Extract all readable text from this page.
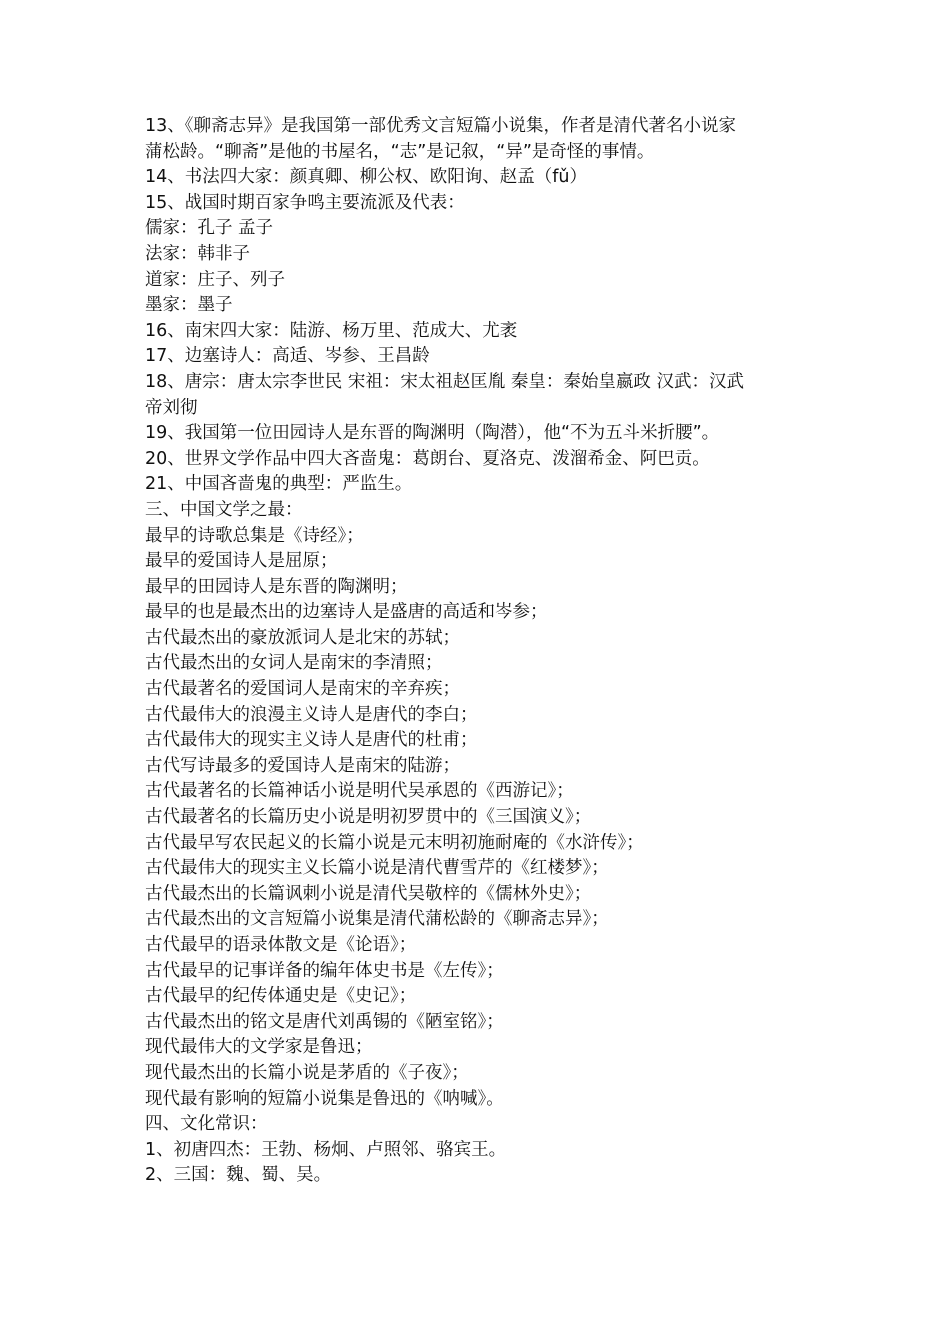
13、《聊斋志异》是我国第一部优秀文言短篇小说集，作者是清代著名小说家
蒲松龄。“聊斋”是他的书屋名，“志”是记叙，“异”是奇怪的事情。
14、书法四大家：颜真卿、柳公权、欧阳询、赵孟（fǔ）
15、战国时期百家争鸣主要流派及代表：
儒家：孔子 孟子
法家：韩非子
道家：庄子、列子
墨家：墨子
16、南宋四大家：陆游、杨万里、范成大、尤袤
17、边塞诗人：高适、岑参、王昌龄
18、唐宗：唐太宗李世民 宋祖：宋太祖赵匡胤 秦皇：秦始皇嬴政 汉武：汉武
帝刘彻
19、我国第一位田园诗人是东晋的陶渊明（陶潜），他“不为五斗米折腰”。
20、世界文学作品中四大吝啬鬼：葛朗台、夏洛克、泼溜希金、阿巴贡。
21、中国吝啬鬼的典型：严监生。
三、中国文学之最：
最早的诗歌总集是《诗经》；
最早的爱国诗人是屈原；
最早的田园诗人是东晋的陶渊明；
最早的也是最杰出的边塞诗人是盛唐的高适和岑参；
古代最杰出的豪放派词人是北宋的苏轼；
古代最杰出的女词人是南宋的李清照；
古代最著名的爱国词人是南宋的辛弃疾；
古代最伟大的浪漫主义诗人是唐代的李白；
古代最伟大的现实主义诗人是唐代的杜甫；
古代写诗最多的爱国诗人是南宋的陆游；
古代最著名的长篇神话小说是明代吴承恩的《西游记》；
古代最著名的长篇历史小说是明初罗贯中的《三国演义》；
古代最早写农民起义的长篇小说是元末明初施耐庵的《水浒传》；
古代最伟大的现实主义长篇小说是清代曹雪芹的《红楼梦》；
古代最杰出的长篇讽刺小说是清代吴敬梓的《儒林外史》；
古代最杰出的文言短篇小说集是清代蒲松龄的《聊斋志异》；
古代最早的语录体散文是《论语》；
古代最早的记事详备的编年体史书是《左传》；
古代最早的纪传体通史是《史记》；
古代最杰出的铭文是唐代刘禹锡的《陋室铭》；
现代最伟大的文学家是鲁迅；
现代最杰出的长篇小说是茅盾的《子夜》；
现代最有影响的短篇小说集是鲁迅的《呐喊》。
四、文化常识：
1、初唐四杰：王勃、杨炯、卢照邻、骆宾王。
2、三国：魏、蜀、吴。
